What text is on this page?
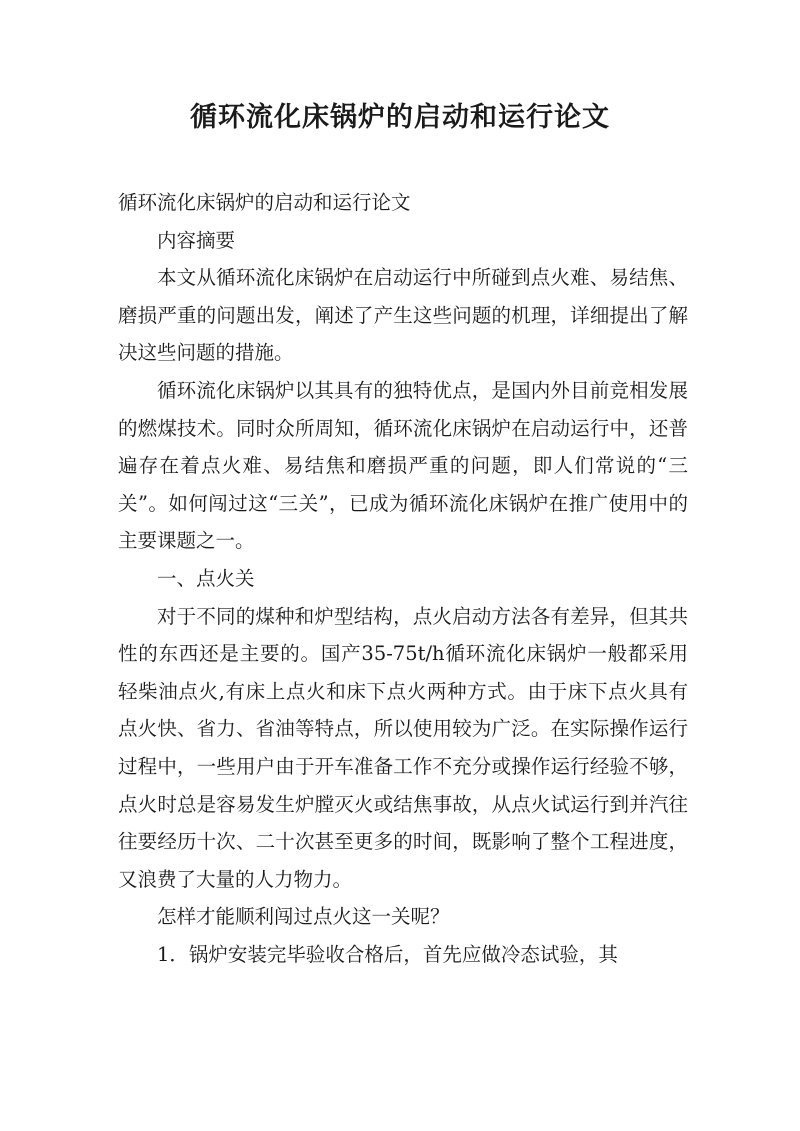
循环流化床锅炉的启动和运行论文

循环流化床锅炉的启动和运行论文

内容摘要

本文从循环流化床锅炉在启动运行中所碰到点火难、易结焦、磨损严重的问题出发，阐述了产生这些问题的机理，详细提出了解决这些问题的措施。

循环流化床锅炉以其具有的独特优点，是国内外目前竞相发展的燃煤技术。同时众所周知，循环流化床锅炉在启动运行中，还普遍存在着点火难、易结焦和磨损严重的问题，即人们常说的“三关”。如何闯过这“三关”，已成为循环流化床锅炉在推广使用中的主要课题之一。

一、点火关

对于不同的煤种和炉型结构，点火启动方法各有差异，但其共性的东西还是主要的。国产35-75t/h循环流化床锅炉一般都采用轻柴油点火,有床上点火和床下点火两种方式。由于床下点火具有点火快、省力、省油等特点，所以使用较为广泛。在实际操作运行过程中，一些用户由于开车准备工作不充分或操作运行经验不够，点火时总是容易发生炉膛灭火或结焦事故，从点火试运行到并汽往往要经历十次、二十次甚至更多的时间，既影响了整个工程进度，又浪费了大量的人力物力。

怎样才能顺利闯过点火这一关呢？

1．锅炉安装完毕验收合格后，首先应做冷态试验，其
